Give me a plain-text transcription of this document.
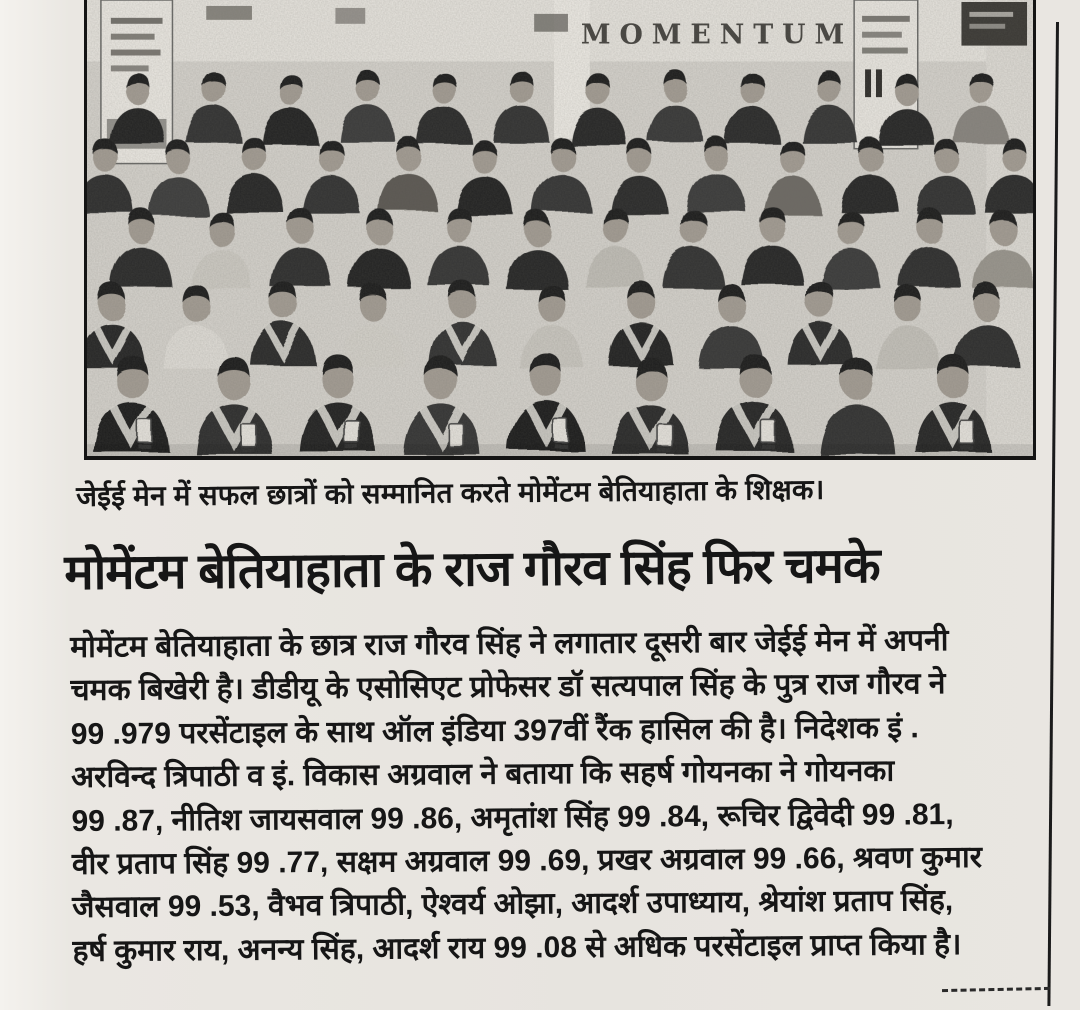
MOMENTUM
जेईई मेन में सफल छात्रों को सम्मानित करते मोमेंटम बेतियाहाता के शिक्षक।
मोमेंटम बेतियाहाता के राज गौरव सिंह फिर चमके
मोमेंटम बेतियाहाता के छात्र राज गौरव सिंह ने लगातार दूसरी बार जेईई मेन में अपनी
चमक बिखेरी है। डीडीयू के एसोसिएट प्रोफेसर डॉ सत्यपाल सिंह के पुत्र राज गौरव ने
99 .979 परसेंटाइल के साथ ऑल इंडिया 397वीं रैंक हासिल की है। निदेशक इं .
अरविन्द त्रिपाठी व इं. विकास अग्रवाल ने बताया कि सहर्ष गोयनका ने गोयनका
99 .87, नीतिश जायसवाल 99 .86, अमृतांश सिंह 99 .84, रूचिर द्विवेदी 99 .81,
वीर प्रताप सिंह 99 .77, सक्षम अग्रवाल 99 .69, प्रखर अग्रवाल 99 .66, श्रवण कुमार
जैसवाल 99 .53, वैभव त्रिपाठी, ऐश्वर्य ओझा, आदर्श उपाध्याय, श्रेयांश प्रताप सिंह,
हर्ष कुमार राय, अनन्य सिंह, आदर्श राय 99 .08 से अधिक परसेंटाइल प्राप्त किया है।
